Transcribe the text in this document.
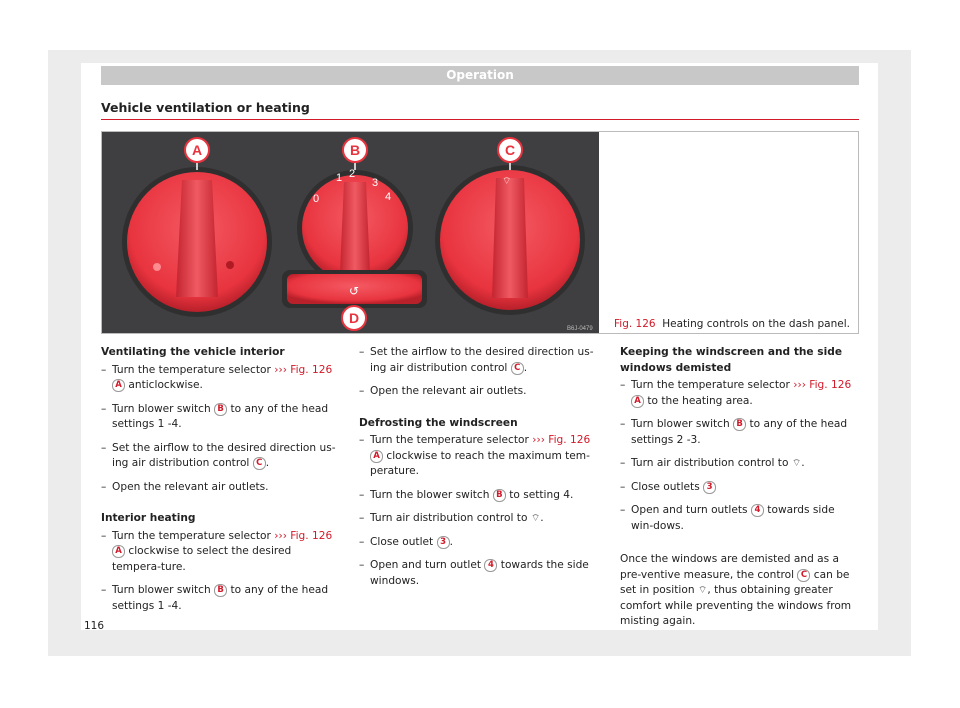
Operation
Vehicle ventilation or heating
A
0
1 2
3
4
B
⌔
C
↺
D
B6J-0479 Fig. 126 Heating controls on the dash panel.
Ventilating the vehicle interior
– Turn the temperature selector ››› Fig. 126 A anticlockwise.
– Turn blower switch B to any of the head settings 1 -4.
– Set the airflow to the desired direction us-ing air distribution control C .
– Open the relevant air outlets.
Interior heating
– Turn the temperature selector ››› Fig. 126 A clockwise to select the desired tempera-ture.
– Turn blower switch B to any of the head settings 1 -4.
– Set the airflow to the desired direction us-ing air distribution control C .
– Open the relevant air outlets.
Defrosting the windscreen
– Turn the temperature selector ››› Fig. 126 A clockwise to reach the maximum tem-perature.
– Turn the blower switch B to setting 4.
– Turn air distribution control to ⌔.
– Close outlet 3 .
– Open and turn outlet 4 towards the side windows.
Keeping the windscreen and the side windows demisted
– Turn the temperature selector ››› Fig. 126 A to the heating area.
– Turn blower switch B to any of the head settings 2 -3.
– Turn air distribution control to ⌔.
– Close outlets 3
– Open and turn outlets 4 towards side win-dows.
Once the windows are demisted and as a pre-ventive measure, the control C can be set in position ⌔, thus obtaining greater comfort while preventing the windows from misting again.
116
